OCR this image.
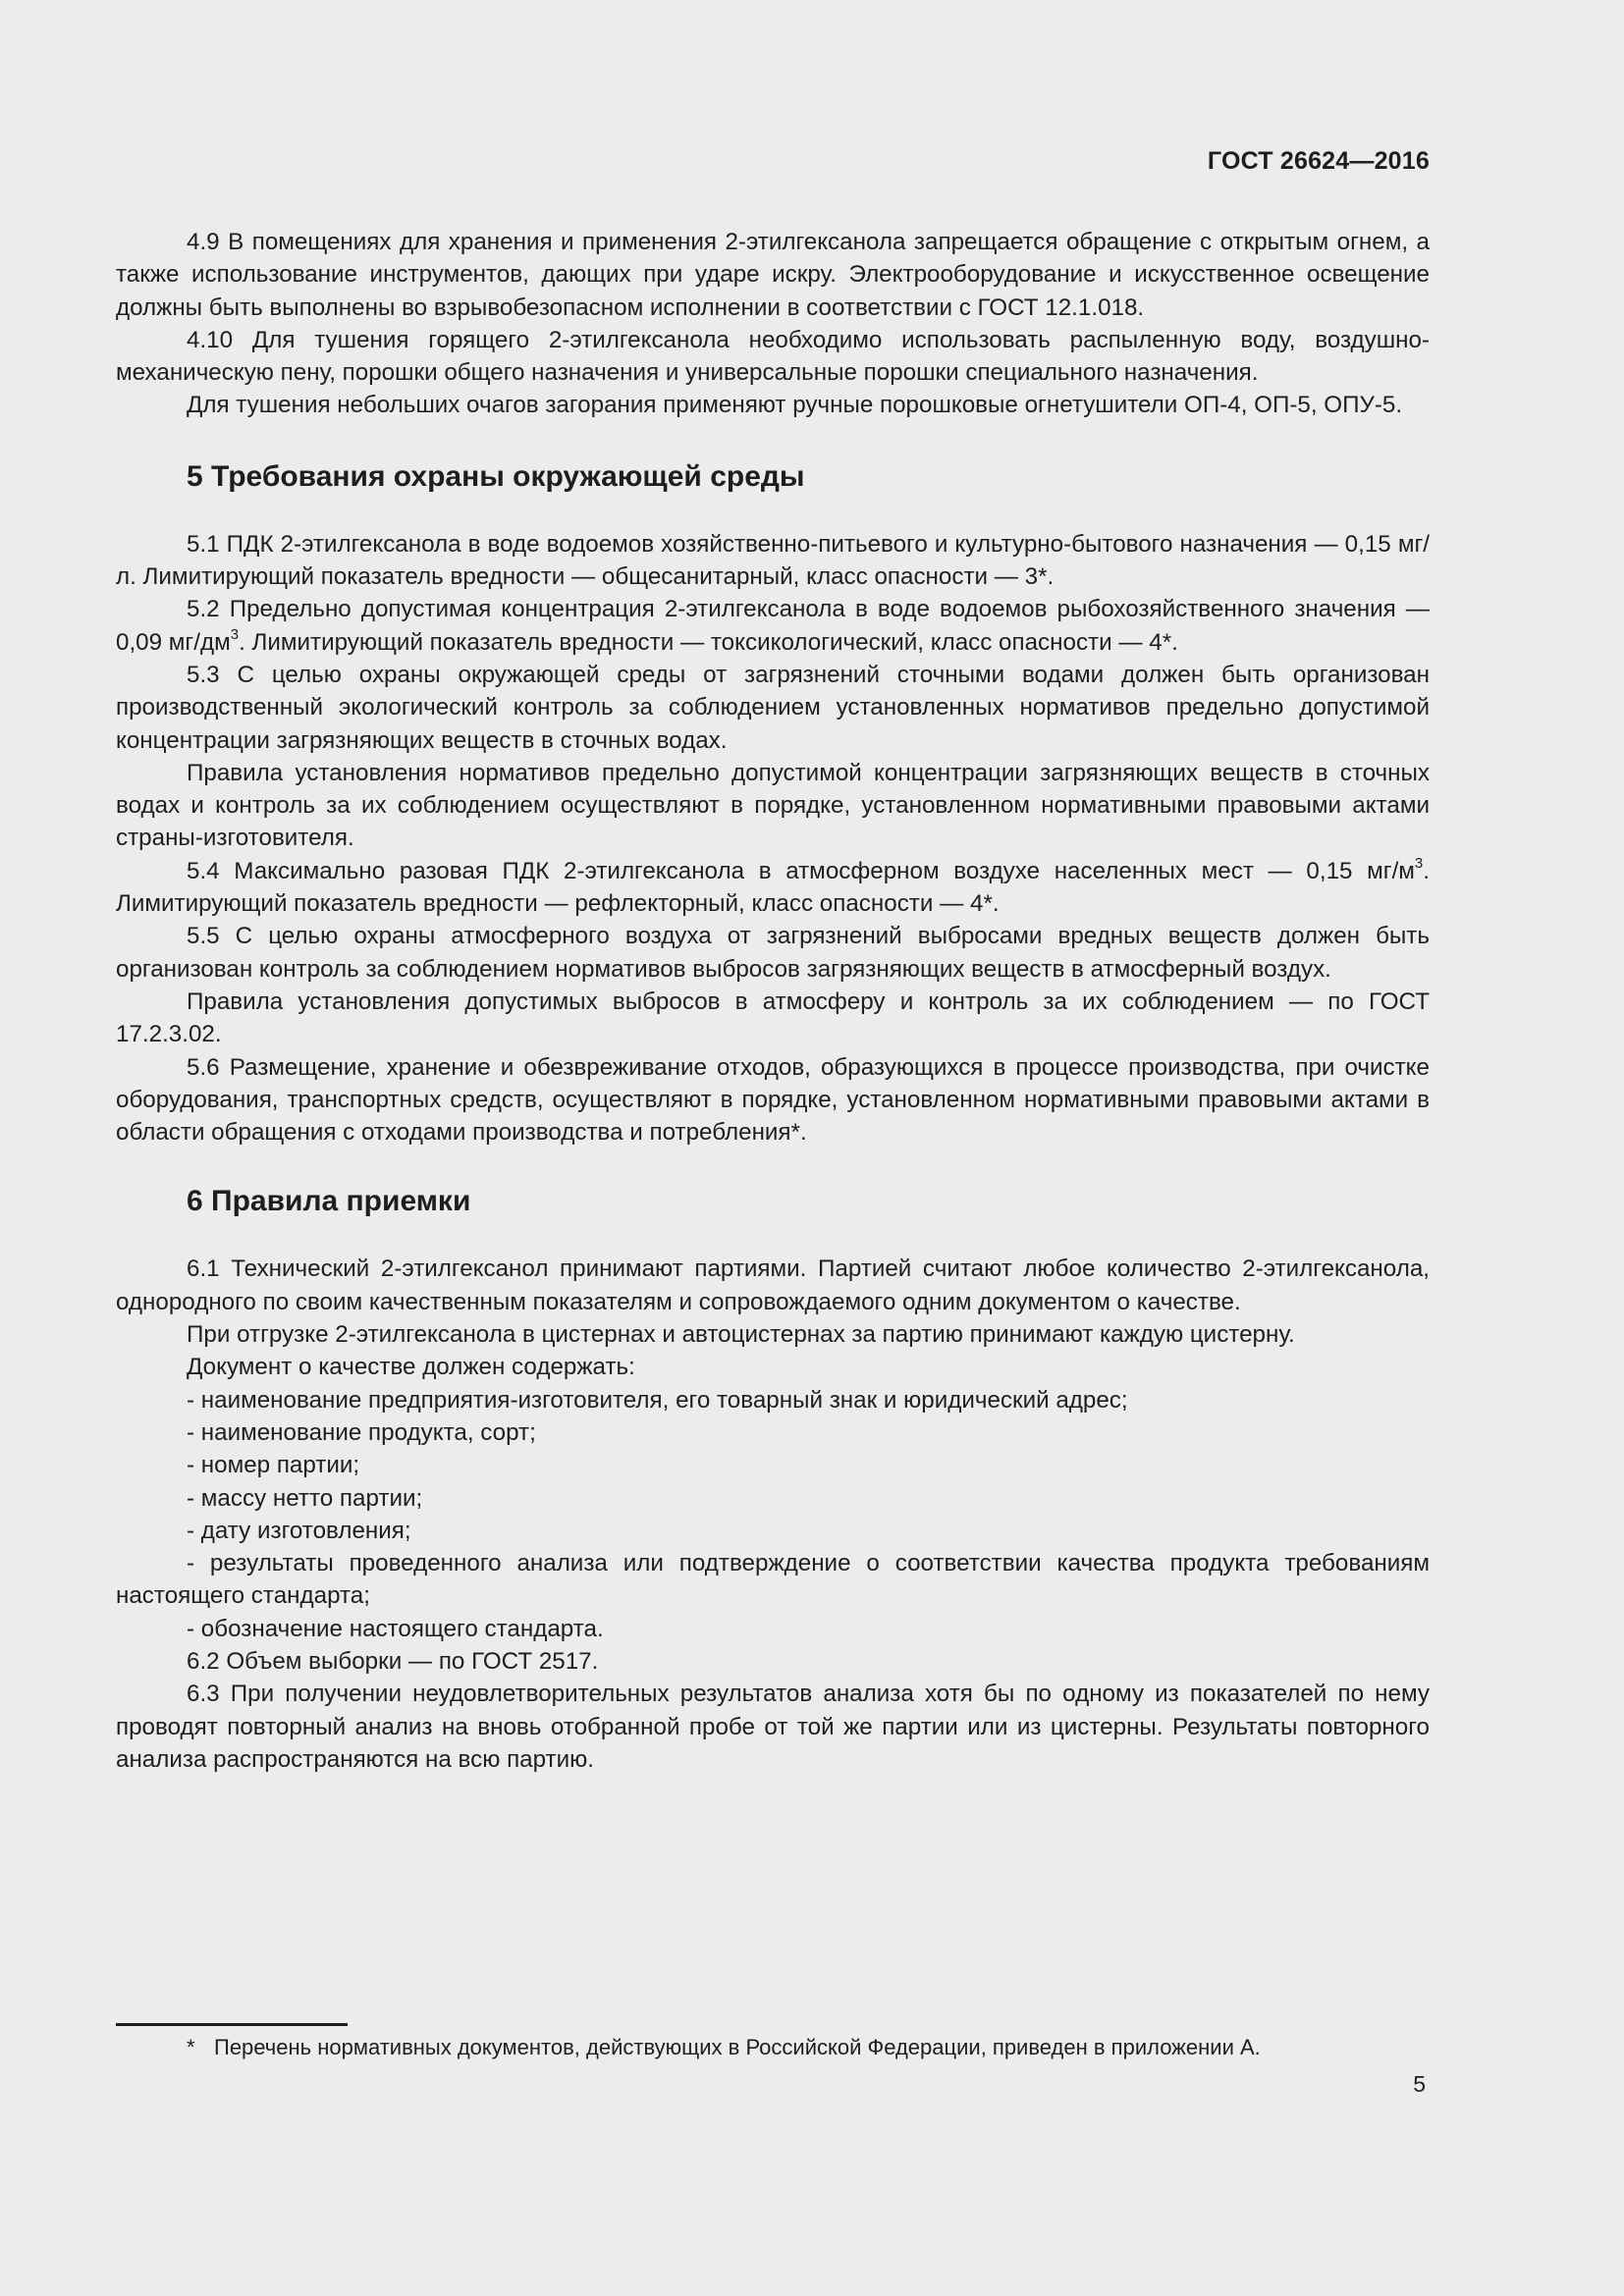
ГОСТ 26624—2016

4.9 В помещениях для хранения и применения 2-этилгексанола запрещается обращение с открытым огнем, а также использование инструментов, дающих при ударе искру. Электрооборудование и искусственное освещение должны быть выполнены во взрывобезопасном исполнении в соответствии с ГОСТ 12.1.018.

4.10 Для тушения горящего 2-этилгексанола необходимо использовать распыленную воду, воздушно-механическую пену, порошки общего назначения и универсальные порошки специального назначения.

Для тушения небольших очагов загорания применяют ручные порошковые огнетушители ОП-4, ОП-5, ОПУ-5.

5 Требования охраны окружающей среды

5.1 ПДК 2-этилгексанола в воде водоемов хозяйственно-питьевого и культурно-бытового назначения — 0,15 мг/л. Лимитирующий показатель вредности — общесанитарный, класс опасности — 3*.

5.2 Предельно допустимая концентрация 2-этилгексанола в воде водоемов рыбохозяйственного значения — 0,09 $мг/дм^3$. Лимитирующий показатель вредности — токсикологический, класс опасности — 4*.

5.3 С целью охраны окружающей среды от загрязнений сточными водами должен быть организован производственный экологический контроль за соблюдением установленных нормативов предельно допустимой концентрации загрязняющих веществ в сточных водах.

Правила установления нормативов предельно допустимой концентрации загрязняющих веществ в сточных водах и контроль за их соблюдением осуществляют в порядке, установленном нормативными правовыми актами страны-изготовителя.

5.4 Максимально разовая ПДК 2-этилгексанола в атмосферном воздухе населенных мест — 0,15 $мг/м^3$. Лимитирующий показатель вредности — рефлекторный, класс опасности — 4*.

5.5 С целью охраны атмосферного воздуха от загрязнений выбросами вредных веществ должен быть организован контроль за соблюдением нормативов выбросов загрязняющих веществ в атмосферный воздух.

Правила установления допустимых выбросов в атмосферу и контроль за их соблюдением — по ГОСТ 17.2.3.02.

5.6 Размещение, хранение и обезвреживание отходов, образующихся в процессе производства, при очистке оборудования, транспортных средств, осуществляют в порядке, установленном нормативными правовыми актами в области обращения с отходами производства и потребления*.

6 Правила приемки

6.1 Технический 2-этилгексанол принимают партиями. Партией считают любое количество 2-этилгексанола, однородного по своим качественным показателям и сопровождаемого одним документом о качестве.

При отгрузке 2-этилгексанола в цистернах и автоцистернах за партию принимают каждую цистерну.

Документ о качестве должен содержать:

- наименование предприятия-изготовителя, его товарный знак и юридический адрес;

- наименование продукта, сорт;

- номер партии;

- массу нетто партии;

- дату изготовления;

- результаты проведенного анализа или подтверждение о соответствии качества продукта требованиям настоящего стандарта;

- обозначение настоящего стандарта.

6.2 Объем выборки — по ГОСТ 2517.

6.3 При получении неудовлетворительных результатов анализа хотя бы по одному из показателей по нему проводят повторный анализ на вновь отобранной пробе от той же партии или из цистерны. Результаты повторного анализа распространяются на всю партию.

* Перечень нормативных документов, действующих в Российской Федерации, приведен в приложении А.
5
